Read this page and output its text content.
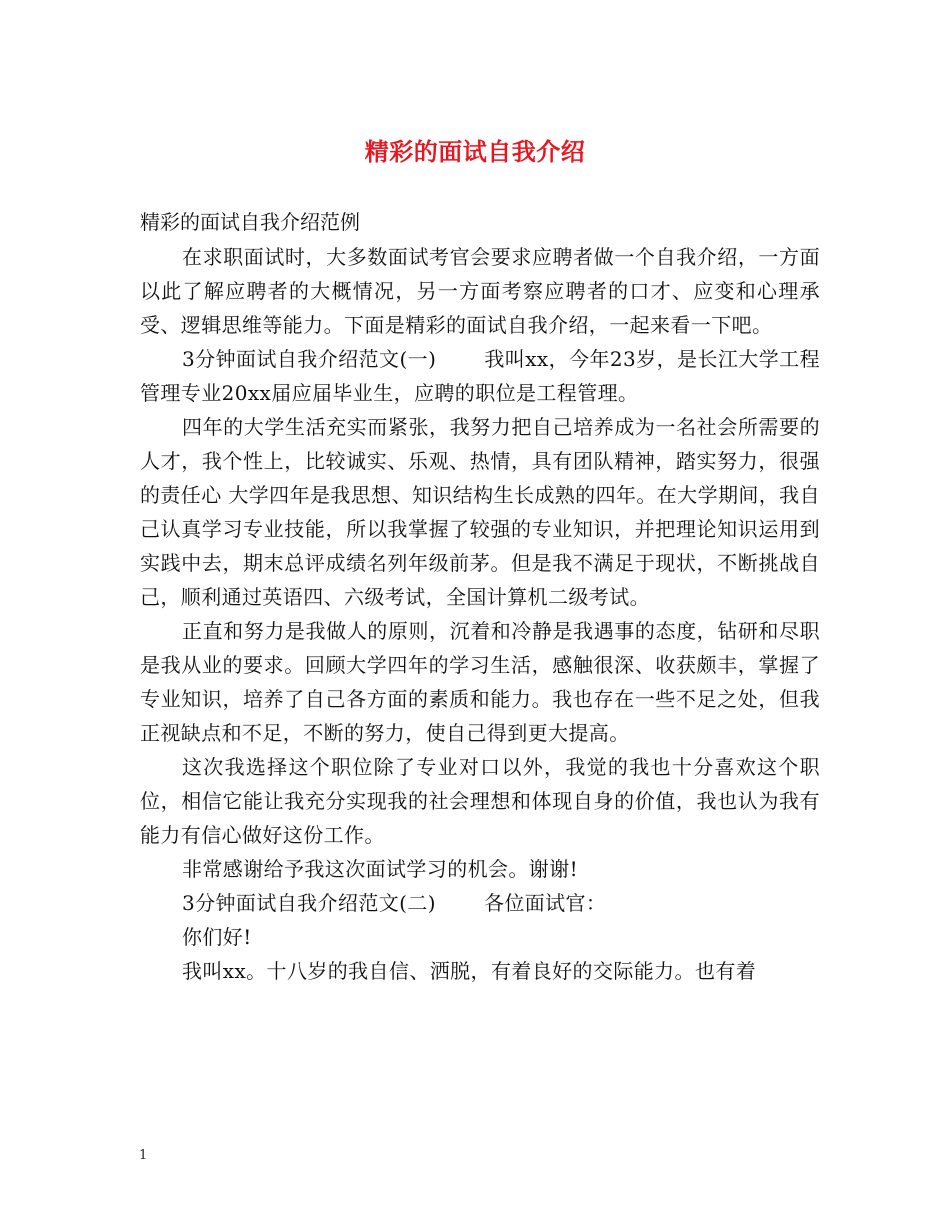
精彩的面试自我介绍
精彩的面试自我介绍范例

在求职面试时，大多数面试考官会要求应聘者做一个自我介绍，一方面以此了解应聘者的大概情况，另一方面考察应聘者的口才、应变和心理承受、逻辑思维等能力。下面是精彩的面试自我介绍，一起来看一下吧。

3分钟面试自我介绍范文(一) 我叫xx，今年23岁，是长江大学工程管理专业20xx届应届毕业生，应聘的职位是工程管理。

四年的大学生活充实而紧张，我努力把自己培养成为一名社会所需要的人才，我个性上，比较诚实、乐观、热情，具有团队精神，踏实努力，很强的责任心 大学四年是我思想、知识结构生长成熟的四年。在大学期间，我自己认真学习专业技能，所以我掌握了较强的专业知识，并把理论知识运用到实践中去，期末总评成绩名列年级前茅。但是我不满足于现状，不断挑战自己，顺利通过英语四、六级考试，全国计算机二级考试。

正直和努力是我做人的原则，沉着和冷静是我遇事的态度，钻研和尽职是我从业的要求。回顾大学四年的学习生活，感触很深、收获颇丰，掌握了专业知识，培养了自己各方面的素质和能力。我也存在一些不足之处，但我正视缺点和不足，不断的努力，使自己得到更大提高。

这次我选择这个职位除了专业对口以外，我觉的我也十分喜欢这个职位，相信它能让我充分实现我的社会理想和体现自身的价值，我也认为我有能力有信心做好这份工作。

非常感谢给予我这次面试学习的机会。谢谢!

3分钟面试自我介绍范文(二) 各位面试官：

你们好!

我叫xx。十八岁的我自信、洒脱，有着良好的交际能力。也有着

1
